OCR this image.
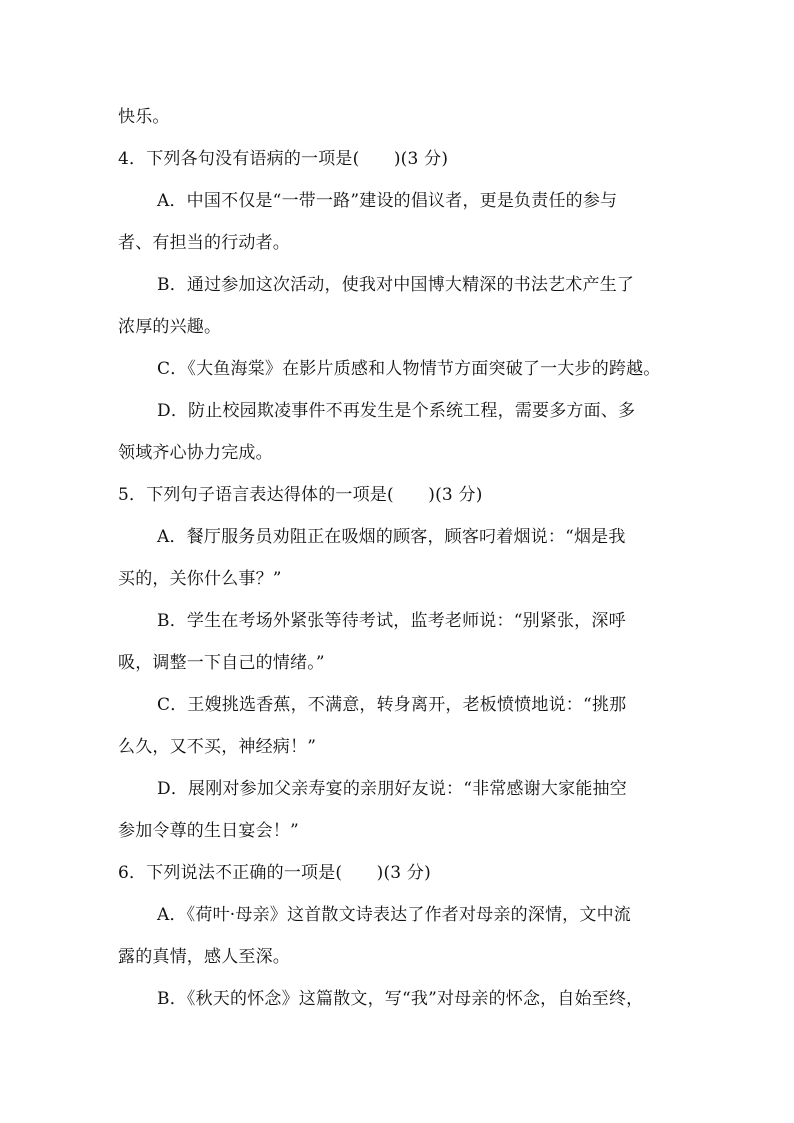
快乐。
4．下列各句没有语病的一项是(　　)(3 分)
A．中国不仅是“一带一路”建设的倡议者，更是负责任的参与
者、有担当的行动者。
B．通过参加这次活动，使我对中国博大精深的书法艺术产生了
浓厚的兴趣。
C．《大鱼海棠》在影片质感和人物情节方面突破了一大步的跨越。
D．防止校园欺凌事件不再发生是个系统工程，需要多方面、多
领域齐心协力完成。
5．下列句子语言表达得体的一项是(　　)(3 分)
A．餐厅服务员劝阻正在吸烟的顾客，顾客叼着烟说：“烟是我
买的，关你什么事？”
B．学生在考场外紧张等待考试，监考老师说：“别紧张，深呼
吸，调整一下自己的情绪。”
C．王嫂挑选香蕉，不满意，转身离开，老板愤愤地说：“挑那
么久，又不买，神经病！”
D．展刚对参加父亲寿宴的亲朋好友说：“非常感谢大家能抽空
参加令尊的生日宴会！”
6．下列说法不正确的一项是(　　)(3 分)
A．《荷叶·母亲》这首散文诗表达了作者对母亲的深情，文中流
露的真情，感人至深。
B．《秋天的怀念》这篇散文，写“我”对母亲的怀念，自始至终，
